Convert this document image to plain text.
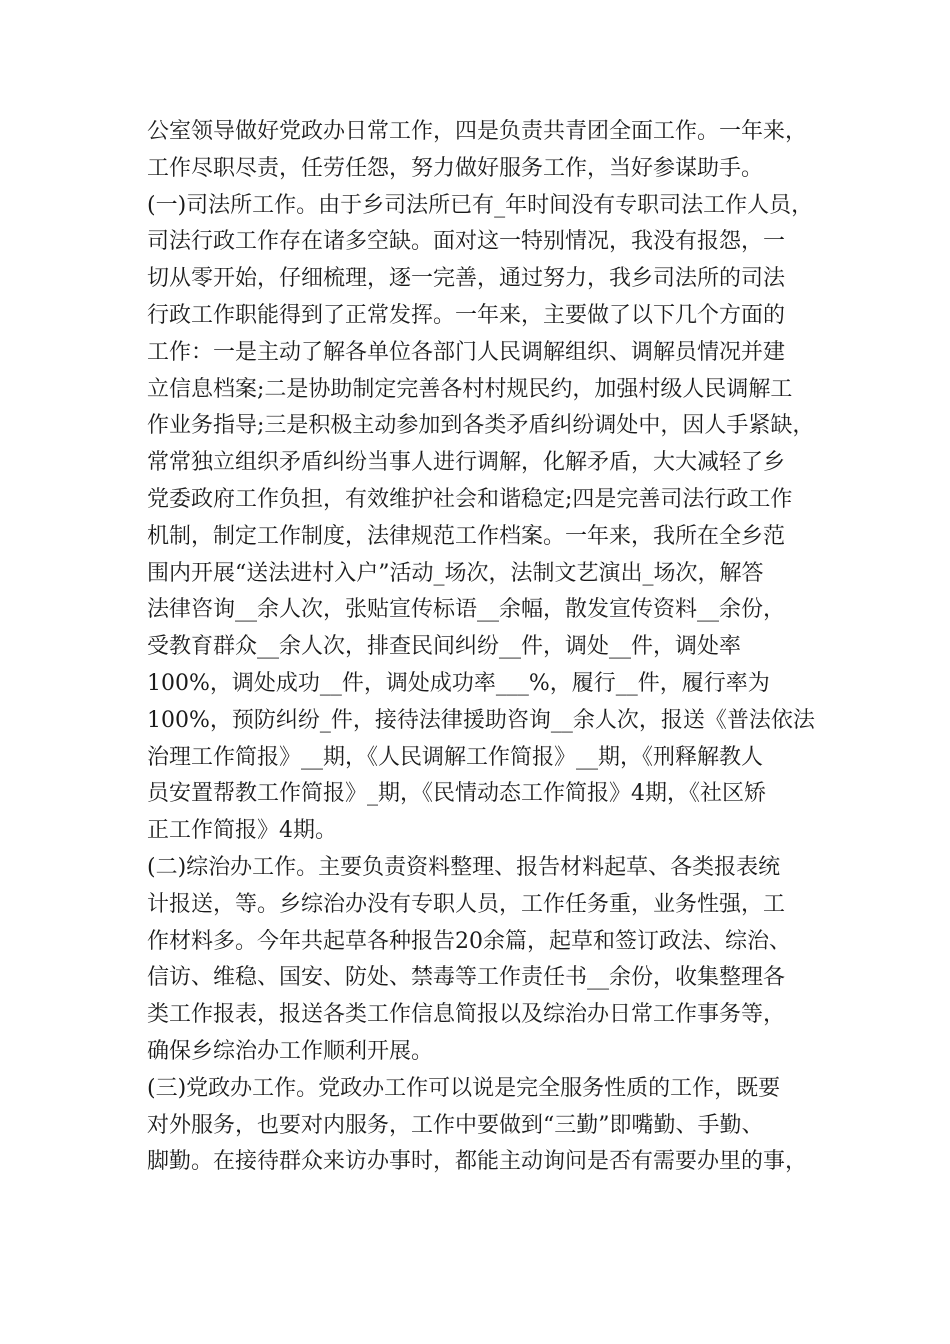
公室领导做好党政办日常工作，四是负责共青团全面工作。一年来，
工作尽职尽责，任劳任怨，努力做好服务工作，当好参谋助手。
(一)司法所工作。由于乡司法所已有_年时间没有专职司法工作人员，
司法行政工作存在诸多空缺。面对这一特别情况，我没有报怨，一
切从零开始，仔细梳理，逐一完善，通过努力，我乡司法所的司法
行政工作职能得到了正常发挥。一年来，主要做了以下几个方面的
工作：一是主动了解各单位各部门人民调解组织、调解员情况并建
立信息档案;二是协助制定完善各村村规民约，加强村级人民调解工
作业务指导;三是积极主动参加到各类矛盾纠纷调处中，因人手紧缺，
常常独立组织矛盾纠纷当事人进行调解，化解矛盾，大大减轻了乡
党委政府工作负担，有效维护社会和谐稳定;四是完善司法行政工作
机制，制定工作制度，法律规范工作档案。一年来，我所在全乡范
围内开展“送法进村入户”活动_场次，法制文艺演出_场次，解答
法律咨询__余人次，张贴宣传标语__余幅，散发宣传资料__余份，
受教育群众__余人次，排查民间纠纷__件，调处__件，调处率
100%，调处成功__件，调处成功率___%，履行__件，履行率为
100%，预防纠纷_件，接待法律援助咨询__余人次，报送《普法依法
治理工作简报》__期，《人民调解工作简报》__期，《刑释解教人
员安置帮教工作简报》_期，《民情动态工作简报》4期，《社区矫
正工作简报》4期。
(二)综治办工作。主要负责资料整理、报告材料起草、各类报表统
计报送，等。乡综治办没有专职人员，工作任务重，业务性强，工
作材料多。今年共起草各种报告20余篇，起草和签订政法、综治、
信访、维稳、国安、防处、禁毒等工作责任书__余份，收集整理各
类工作报表，报送各类工作信息简报以及综治办日常工作事务等，
确保乡综治办工作顺利开展。
(三)党政办工作。党政办工作可以说是完全服务性质的工作，既要
对外服务，也要对内服务，工作中要做到“三勤”即嘴勤、手勤、
脚勤。在接待群众来访办事时，都能主动询问是否有需要办里的事，
